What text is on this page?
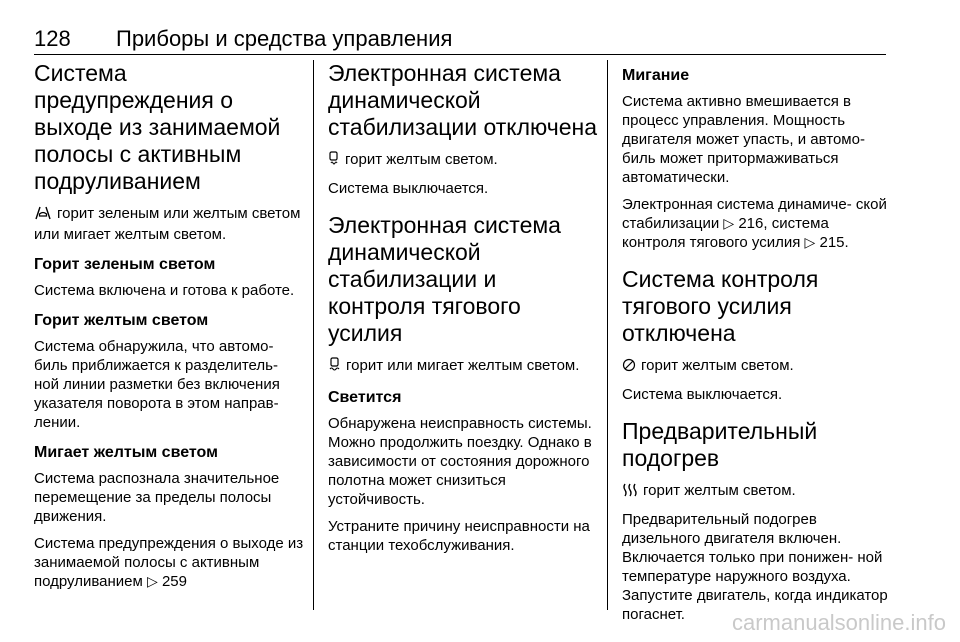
128 Приборы и средства управления
Система предупреждения о выходе из занимаемой полосы с активным подруливанием

горит зеленым или желтым светом или мигает желтым светом.

Горит зеленым светом

Система включена и готова к работе.

Горит желтым светом

Система обнаружила, что автомо- биль приближается к разделитель- ной линии разметки без включения указателя поворота в этом направ- лении.

Мигает желтым светом

Система распознала значительное перемещение за пределы полосы движения.

Система предупреждения о выходе из занимаемой полосы с активным подруливанием ▷ 259

Электронная система динамической стабилизации отключена

горит желтым светом.

Система выключается.

Электронная система динамической стабилизации и контроля тягового усилия

горит или мигает желтым светом.

Светится

Обнаружена неисправность системы. Можно продолжить поездку. Однако в зависимости от состояния дорожного полотна может снизиться устойчивость.

Устраните причину неисправности на станции техобслуживания.

Мигание

Система активно вмешивается в процесс управления. Мощность двигателя может упасть, и автомо- биль может притормаживаться автоматически.

Электронная система динамиче- ской стабилизации ▷ 216, система контроля тягового усилия ▷ 215.

Система контроля тягового усилия отключена

горит желтым светом.

Система выключается.

Предварительный подогрев

горит желтым светом.

Предварительный подогрев дизельного двигателя включен. Включается только при понижен- ной температуре наружного воздуха. Запустите двигатель, когда индикатор погаснет.	carmanualsonline.info
